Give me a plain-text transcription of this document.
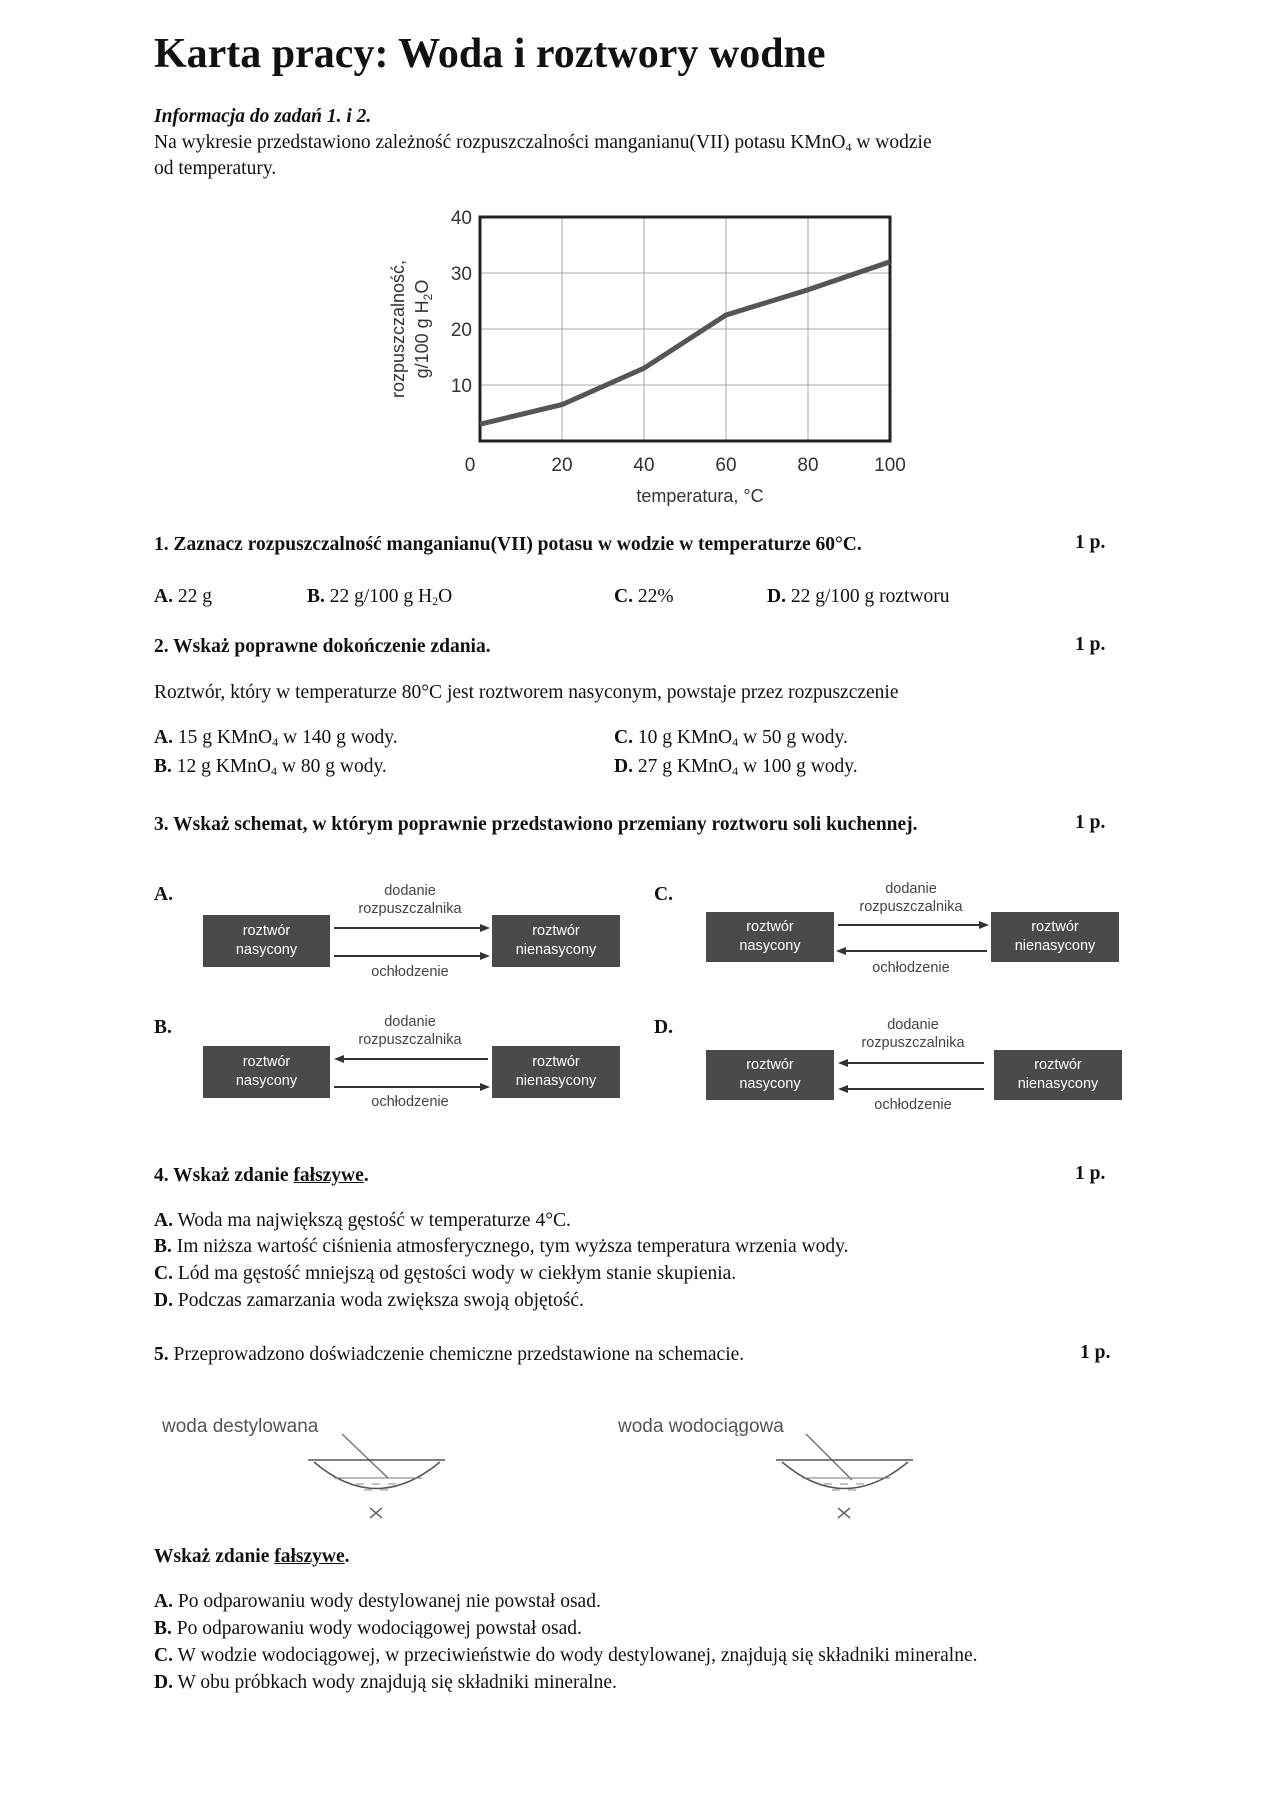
Karta pracy: Woda i roztwory wodne
Informacja do zadań 1. i 2.
Na wykresie przedstawiono zależność rozpuszczalności manganianu(VII) potasu KMnO$_4$ w wodzie
od temperatury.
0	20	40	60	80	100
10
20
30
40
temperatura, °C
rozpuszczalność, g/100 g $H_2O$
1. Zaznacz rozpuszczalność manganianu(VII) potasu w wodzie w temperaturze 60°C.	1 p.
A. 22 g	B. 22 g/100 g $H_2O$	C. 22%	D. 22 g/100 g roztworu
2. Wskaż poprawne dokończenie zdania.	1 p.
Roztwór, który w temperaturze 80°C jest roztworem nasyconym, powstaje przez rozpuszczenie
A. 15 g KMnO$_4$ w 140 g wody.
B. 12 g KMnO$_4$ w 80 g wody.
C. 10 g KMnO$_4$ w 50 g wody.
D. 27 g KMnO$_4$ w 100 g wody.
3. Wskaż schemat, w którym poprawnie przedstawiono przemiany roztworu soli kuchennej.	1 p.
A.
roztwór
nasycony
roztwór
nienasycony
dodanie
rozpuszczalnika
ochłodzenie
C.
roztwór
nasycony
roztwór
nienasycony
dodanie
rozpuszczalnika
ochłodzenie
B.
roztwór
nasycony
roztwór
nienasycony
dodanie
rozpuszczalnika
ochłodzenie
D.
roztwór
nasycony
roztwór
nienasycony
dodanie
rozpuszczalnika
ochłodzenie
4. Wskaż zdanie fałszywe.	1 p.
A. Woda ma największą gęstość w temperaturze 4°C.
B. Im niższa wartość ciśnienia atmosferycznego, tym wyższa temperatura wrzenia wody.
C. Lód ma gęstość mniejszą od gęstości wody w ciekłym stanie skupienia.
D. Podczas zamarzania woda zwiększa swoją objętość.
5. Przeprowadzono doświadczenie chemiczne przedstawione na schemacie.	1 p.
woda destylowana	woda wodociągowa
Wskaż zdanie fałszywe.
A. Po odparowaniu wody destylowanej nie powstał osad.
B. Po odparowaniu wody wodociągowej powstał osad.
C. W wodzie wodociągowej, w przeciwieństwie do wody destylowanej, znajdują się składniki mineralne.
D. W obu próbkach wody znajdują się składniki mineralne.
